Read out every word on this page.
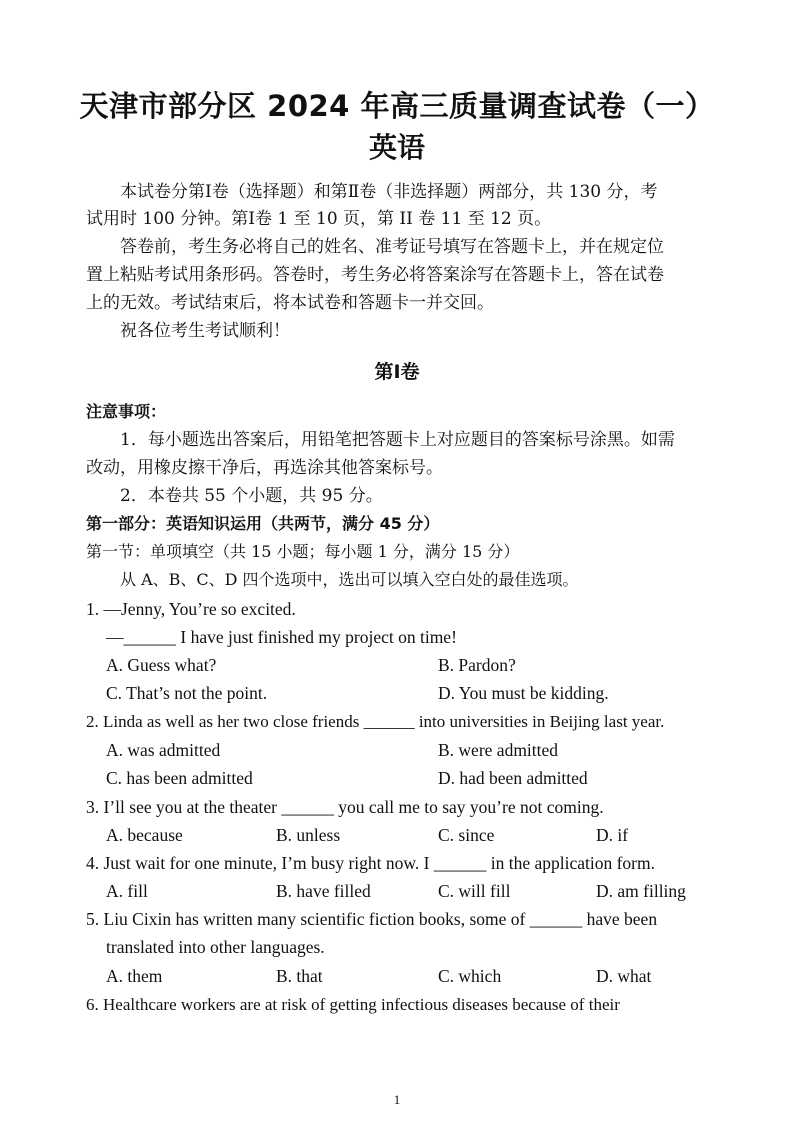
天津市部分区 2024 年高三质量调查试卷（一）
英语
本试卷分第Ⅰ卷（选择题）和第Ⅱ卷（非选择题）两部分，共 130 分，考
试用时 100 分钟。第Ⅰ卷 1 至 10 页，第 II 卷 11 至 12 页。
答卷前，考生务必将自己的姓名、准考证号填写在答题卡上，并在规定位
置上粘贴考试用条形码。答卷时，考生务必将答案涂写在答题卡上，答在试卷
上的无效。考试结束后，将本试卷和答题卡一并交回。
祝各位考生考试顺利！
第Ⅰ卷
注意事项：
1．每小题选出答案后，用铅笔把答题卡上对应题目的答案标号涂黑。如需
改动，用橡皮擦干净后，再选涂其他答案标号。
2．本卷共 55 个小题，共 95 分。
第一部分：英语知识运用（共两节，满分 45 分）
第一节：单项填空（共 15 小题；每小题 1 分，满分 15 分）
从 A、B、C、D 四个选项中，选出可以填入空白处的最佳选项。
1. —Jenny, You’re so excited.
—______ I have just finished my project on time!
A. Guess what?	B. Pardon?
C. That’s not the point.	D. You must be kidding.
2. Linda as well as her two close friends ______ into universities in Beijing last year.
A. was admitted	B. were admitted
C. has been admitted	D. had been admitted
3. I’ll see you at the theater ______ you call me to say you’re not coming.
A. because	B. unless	C. since	D. if
4. Just wait for one minute, I’m busy right now. I ______ in the application form.
A. fill	B. have filled	C. will fill	D. am filling
5. Liu Cixin has written many scientific fiction books, some of ______ have been
translated into other languages.
A. them	B. that	C. which	D. what
6. Healthcare workers are at risk of getting infectious diseases because of their
1
